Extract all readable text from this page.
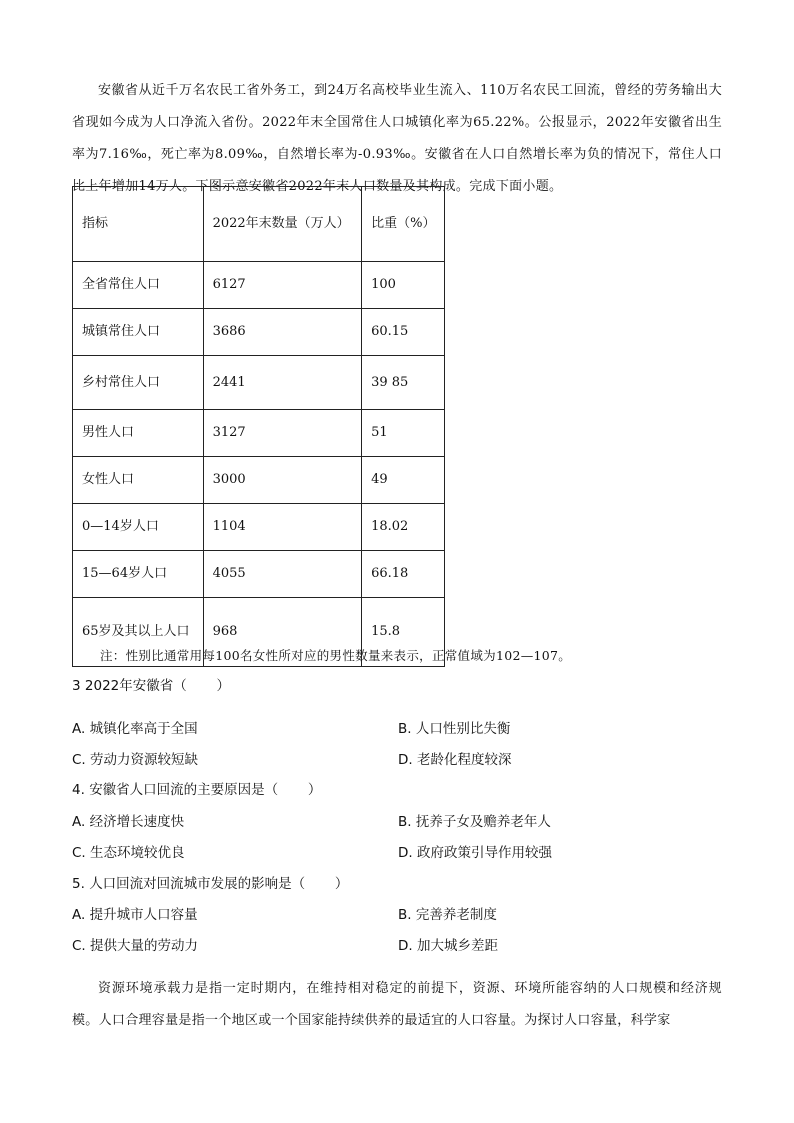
安徽省从近千万名农民工省外务工，到24万名高校毕业生流入、110万名农民工回流，曾经的劳务输出大省现如今成为人口净流入省份。2022年末全国常住人口城镇化率为65.22%。公报显示，2022年安徽省出生率为7.16‰，死亡率为8.09‰，自然增长率为-0.93‰。安徽省在人口自然增长率为负的情况下，常住人口比上年增加14万人。下图示意安徽省2022年末人口数量及其构成。完成下面小题。

指标	2022年末数量（万人）	比重（%）
全省常住人口	6127	100
城镇常住人口	3686	60.15
乡村常住人口	2441	39 85
男性人口	3127	51
女性人口	3000	49
0—14岁人口	1104	18.02
15—64岁人口	4055	66.18
65岁及其以上人口	968	15.8
注：性别比通常用每100名女性所对应的男性数量来表示，正常值域为102—107。
3 2022年安徽省（ ）
A. 城镇化率高于全国	B. 人口性别比失衡
C. 劳动力资源较短缺	D. 老龄化程度较深
4. 安徽省人口回流的主要原因是（ ）
A. 经济增长速度快	B. 抚养子女及赡养老年人
C. 生态环境较优良	D. 政府政策引导作用较强
5. 人口回流对回流城市发展的影响是（ ）
A. 提升城市人口容量	B. 完善养老制度
C. 提供大量的劳动力	D. 加大城乡差距

资源环境承载力是指一定时期内，在维持相对稳定的前提下，资源、环境所能容纳的人口规模和经济规模。人口合理容量是指一个地区或一个国家能持续供养的最适宜的人口容量。为探讨人口容量，科学家
